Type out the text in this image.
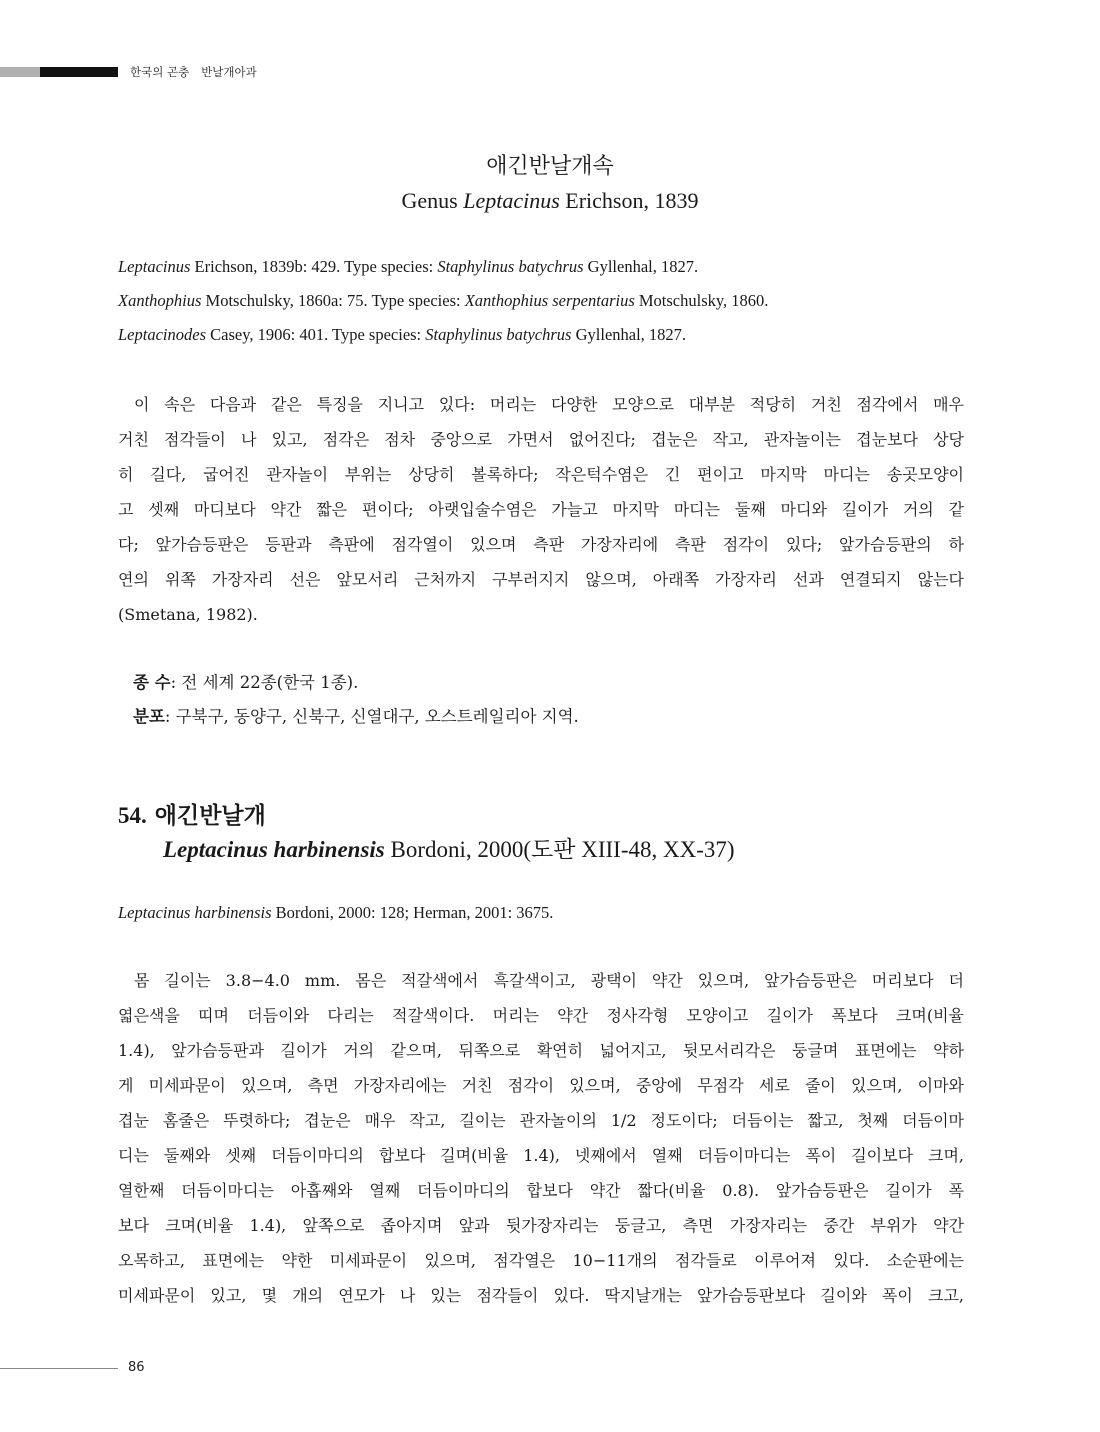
한국의 곤충 반날개아과
애긴반날개속
Genus Leptacinus Erichson, 1839
Leptacinus Erichson, 1839b: 429. Type species: Staphylinus batychrus Gyllenhal, 1827.
Xanthophius Motschulsky, 1860a: 75. Type species: Xanthophius serpentarius Motschulsky, 1860.
Leptacinodes Casey, 1906: 401. Type species: Staphylinus batychrus Gyllenhal, 1827.
이 속은 다음과 같은 특징을 지니고 있다: 머리는 다양한 모양으로 대부분 적당히 거친 점각에서 매우
거친 점각들이 나 있고, 점각은 점차 중앙으로 가면서 없어진다; 겹눈은 작고, 관자놀이는 겹눈보다 상당
히 길다, 굽어진 관자놀이 부위는 상당히 볼록하다; 작은턱수염은 긴 편이고 마지막 마디는 송곳모양이
고 셋째 마디보다 약간 짧은 편이다; 아랫입술수염은 가늘고 마지막 마디는 둘째 마디와 길이가 거의 같
다; 앞가슴등판은 등판과 측판에 점각열이 있으며 측판 가장자리에 측판 점각이 있다; 앞가슴등판의 하
연의 위쪽 가장자리 선은 앞모서리 근처까지 구부러지지 않으며, 아래쪽 가장자리 선과 연결되지 않는다
(Smetana, 1982).
종 수: 전 세계 22종(한국 1종).
분포: 구북구, 동양구, 신북구, 신열대구, 오스트레일리아 지역.
54. 애긴반날개
Leptacinus harbinensis Bordoni, 2000(도판 XIII-48, XX-37)
Leptacinus harbinensis Bordoni, 2000: 128; Herman, 2001: 3675.
몸 길이는 3.8−4.0 mm. 몸은 적갈색에서 흑갈색이고, 광택이 약간 있으며, 앞가슴등판은 머리보다 더
엷은색을 띠며 더듬이와 다리는 적갈색이다. 머리는 약간 정사각형 모양이고 길이가 폭보다 크며(비율
1.4), 앞가슴등판과 길이가 거의 같으며, 뒤쪽으로 확연히 넓어지고, 뒷모서리각은 둥글며 표면에는 약하
게 미세파문이 있으며, 측면 가장자리에는 거친 점각이 있으며, 중앙에 무점각 세로 줄이 있으며, 이마와
겹눈 홈줄은 뚜렷하다; 겹눈은 매우 작고, 길이는 관자놀이의 1/2 정도이다; 더듬이는 짧고, 첫째 더듬이마
디는 둘째와 셋째 더듬이마디의 합보다 길며(비율 1.4), 넷째에서 열째 더듬이마디는 폭이 길이보다 크며,
열한째 더듬이마디는 아홉째와 열째 더듬이마디의 합보다 약간 짧다(비율 0.8). 앞가슴등판은 길이가 폭
보다 크며(비율 1.4), 앞쪽으로 좁아지며 앞과 뒷가장자리는 둥글고, 측면 가장자리는 중간 부위가 약간
오목하고, 표면에는 약한 미세파문이 있으며, 점각열은 10−11개의 점각들로 이루어져 있다. 소순판에는
미세파문이 있고, 몇 개의 연모가 나 있는 점각들이 있다. 딱지날개는 앞가슴등판보다 길이와 폭이 크고,
86
